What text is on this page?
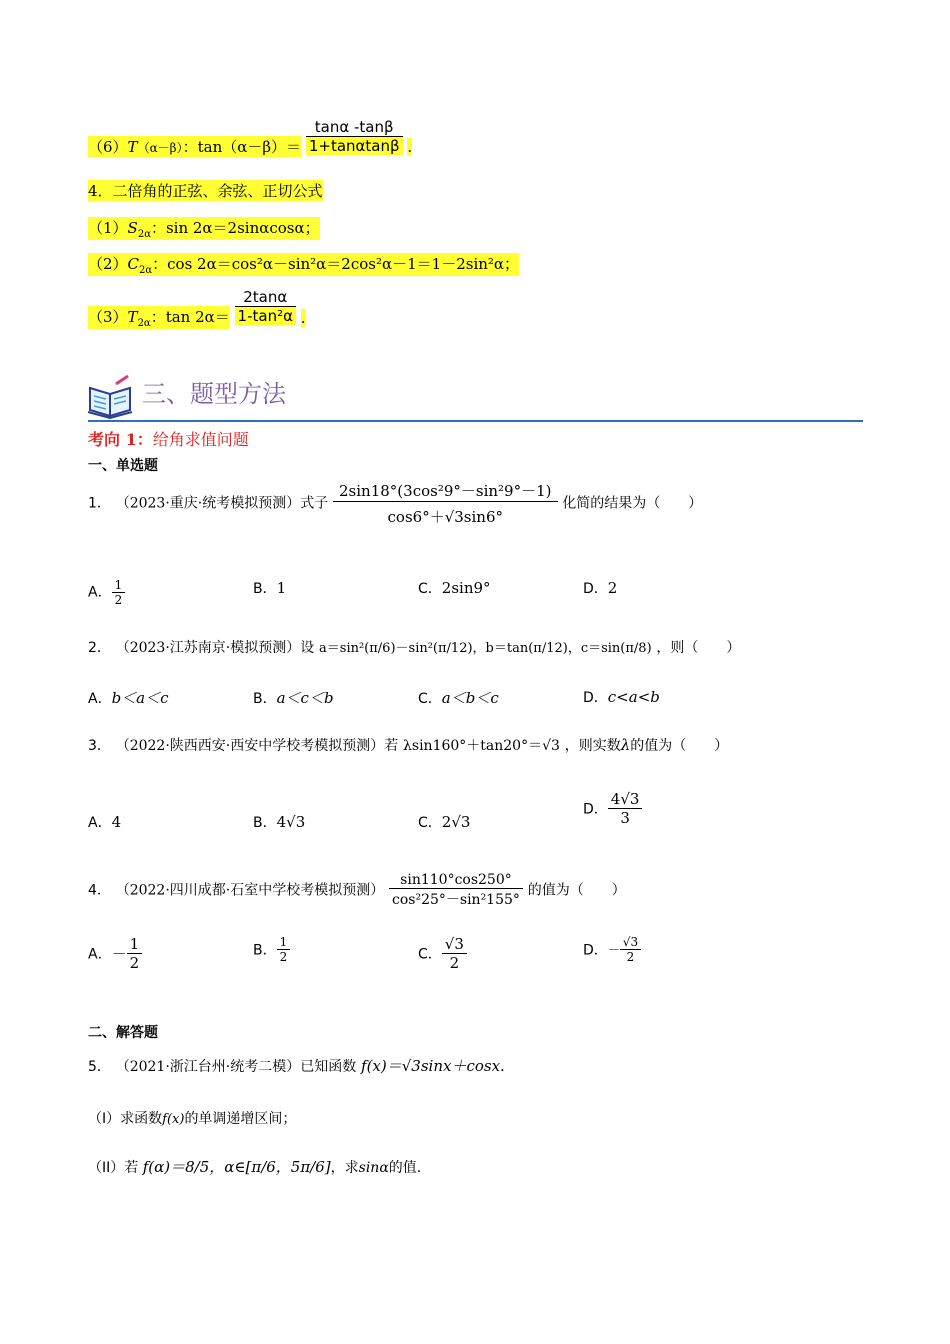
（6）T（α－β）：$\tan(\alpha-\beta)= \frac{\tan\alpha -\tan\beta}{1+\tan\alpha\tan\beta}$ .
4．二倍角的正弦、余弦、正切公式
$(1)S_{2\alpha}$：sin 2α＝2sinαcosα；
$(2)C_{2\alpha}$：cos 2α＝cos²α－sin²α＝2cos²α－1＝1－2sin²α；
$(3)T_{2\alpha}$：$\tan 2\alpha= \frac{2\tan\alpha}{\text{1-tan²α}}$ .
三、题型方法
考向 1：给角求值问题
一、单选题
1． （2023·重庆·统考模拟预测）式子 $\frac{\text{2sin18°(3cos²9°－sin²9°－1)}}{\cos 6^\circ+√3\sin 6^\circ}$ 化简的结果为（　　）
A． $\frac{1}{2}$	B．1	C．2sin9°	D．2
2． （2023·江苏南京·模拟预测）设 a＝sin²(π/6)－sin²(π/12)，b＝tan(π/12)，c＝sin(π/8) ，则（　　）
A．b＜a＜c	B．a＜c＜b	C．a＜b＜c	D．c<a<b
3． （2022·陕西西安·西安中学校考模拟预测）若 λsin160°＋tan20°＝√3 ，则实数λ的值为（　　）
A．4	B．4√3	C．2√3
D． $\frac{4√3}{3}$
4． （2022·四川成都·石室中学校考模拟预测） $\frac{\sin 110^\circ\cos 250^\circ}{\text{cos²25°－sin²155°}}$ 的值为（　　）
A．－ $\frac{1}{2}$	B． $\frac{1}{2}$	C． $\frac{√3}{2}$	D．－ $\frac{√3}{2}$
二、解答题
5． （2021·浙江台州·统考二模）已知函数 f(x)＝√3sinx＋cosx.
（I）求函数f(x)的单调递增区间；
（II）若 f(α)＝8/5，α∈[π/6，5π/6]，求sinα的值.
